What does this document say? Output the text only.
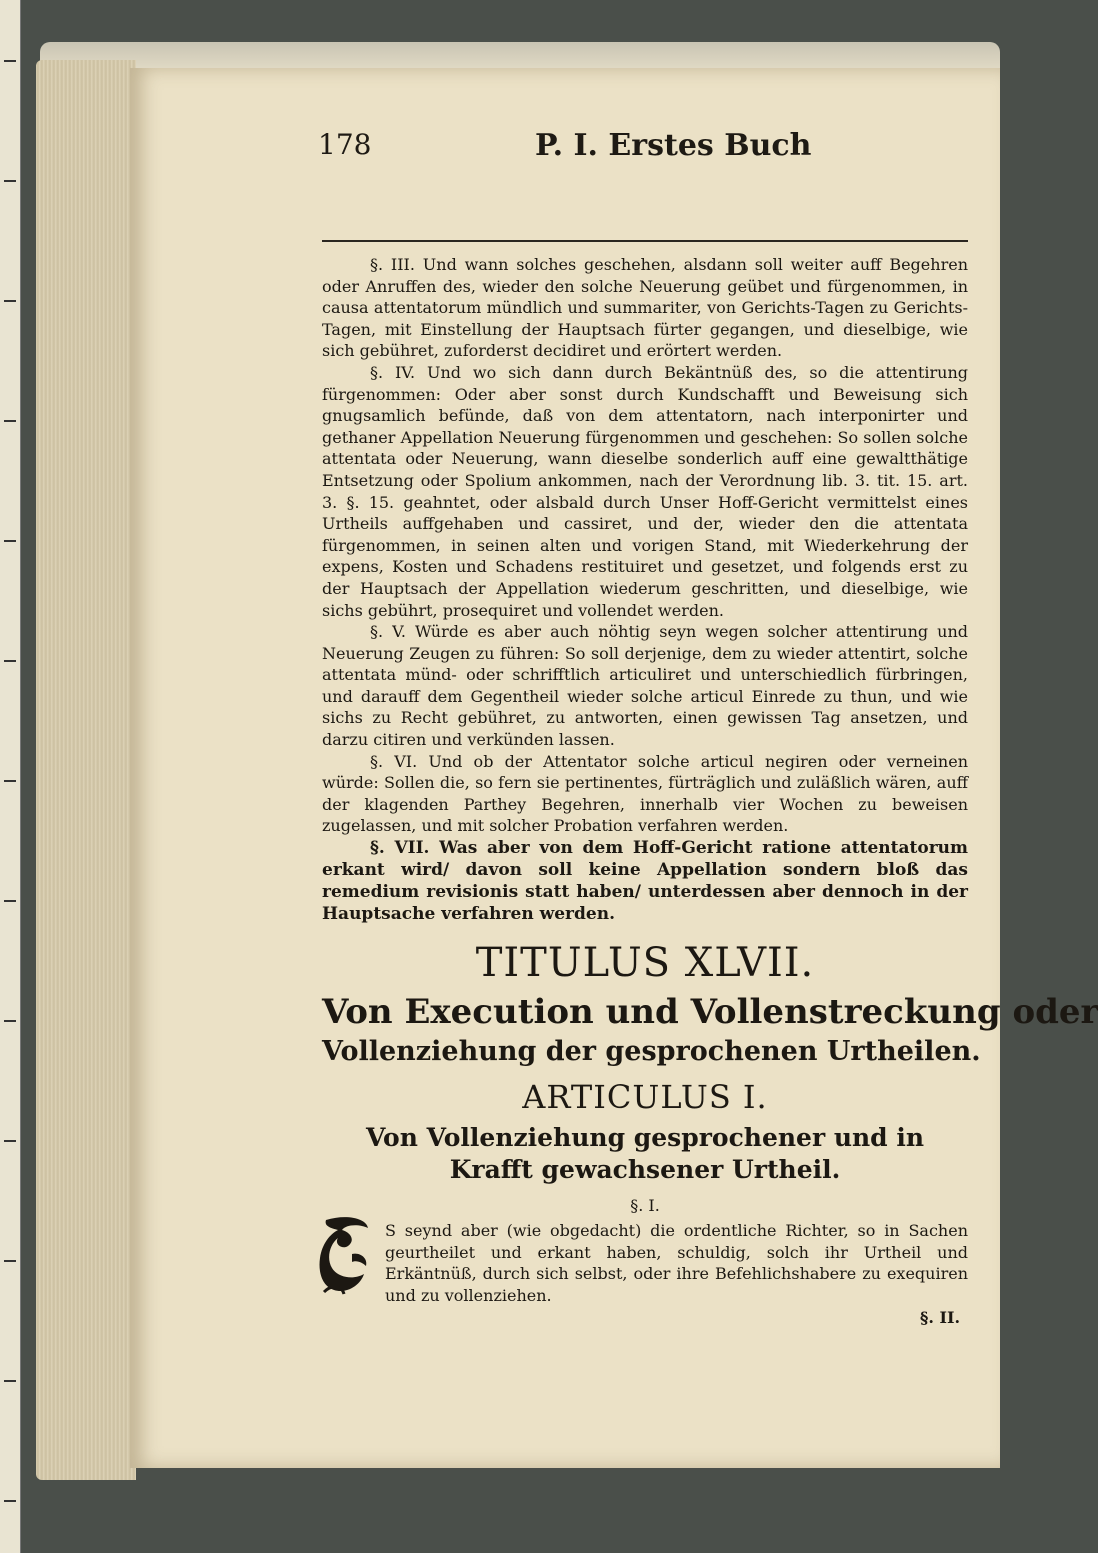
178	P. I. Erstes Buch

§. III. Und wann solches geschehen, alsdann soll weiter auff Begehren oder Anruffen des, wieder den solche Neuerung geübet und fürgenommen, in causa attentatorum mündlich und summariter, von Gerichts-Tagen zu Gerichts-Tagen, mit Einstellung der Hauptsach fürter gegangen, und dieselbige, wie sich gebühret, zuforderst decidiret und erörtert werden.

§. IV. Und wo sich dann durch Bekäntnüß des, so die attentirung fürgenommen: Oder aber sonst durch Kundschafft und Beweisung sich gnugsamlich befünde, daß von dem attentatorn, nach interponirter und gethaner Appellation Neuerung fürgenommen und geschehen: So sollen solche attentata oder Neuerung, wann dieselbe sonderlich auff eine gewaltthätige Entsetzung oder Spolium ankommen, nach der Verordnung lib. 3. tit. 15. art. 3. §. 15. geahntet, oder alsbald durch Unser Hoff-Gericht vermittelst eines Urtheils auffgehaben und cassiret, und der, wieder den die attentata fürgenommen, in seinen alten und vorigen Stand, mit Wiederkehrung der expens, Kosten und Schadens restituiret und gesetzet, und folgends erst zu der Hauptsach der Appellation wiederum geschritten, und dieselbige, wie sichs gebührt, prosequiret und vollendet werden.

§. V. Würde es aber auch nöhtig seyn wegen solcher attentirung und Neuerung Zeugen zu führen: So soll derjenige, dem zu wieder attentirt, solche attentata münd- oder schrifftlich articuliret und unterschiedlich fürbringen, und darauff dem Gegentheil wieder solche articul Einrede zu thun, und wie sichs zu Recht gebühret, zu antworten, einen gewissen Tag ansetzen, und darzu citiren und verkünden lassen.

§. VI. Und ob der Attentator solche articul negiren oder verneinen würde: Sollen die, so fern sie pertinentes, fürträglich und zuläßlich wären, auff der klagenden Parthey Begehren, innerhalb vier Wochen zu beweisen zugelassen, und mit solcher Probation verfahren werden.

§. VII. Was aber von dem Hoff-Gericht ratione attentatorum erkant wird/ davon soll keine Appellation sondern bloß das remedium revisionis statt haben/ unterdessen aber dennoch in der Hauptsache verfahren werden.

TITULUS XLVII.
Von Execution und Vollenstreckung oder
Vollenziehung der gesprochenen Urtheilen.
ARTICULUS I.
Von Vollenziehung gesprochener und in Krafft gewachsener Urtheil.
§. I.
S seynd aber (wie obgedacht) die ordentliche Richter, so in Sachen geurtheilet und erkant haben, schuldig, solch ihr Urtheil und Erkäntnüß, durch sich selbst, oder ihre Befehlichshabere zu exequiren und zu vollenziehen.
§. II.
